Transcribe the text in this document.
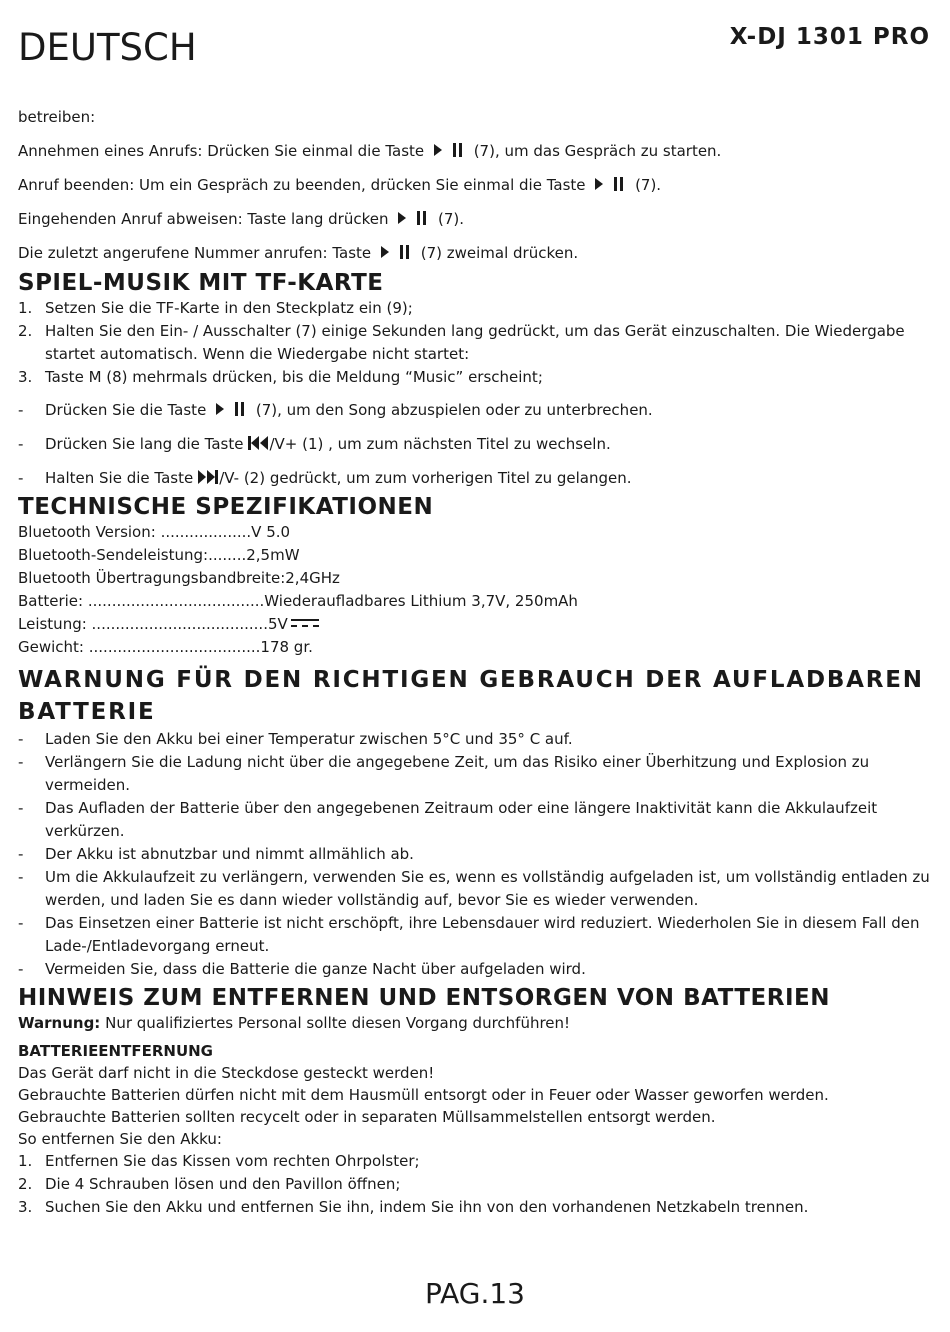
DEUTSCH	X-DJ 1301 PRO

betreiben:

Annehmen eines Anrufs: Drücken Sie einmal die Taste	(7), um das Gespräch zu starten.

Anruf beenden: Um ein Gespräch zu beenden, drücken Sie einmal die Taste	(7).

Eingehenden Anruf abweisen: Taste lang drücken	(7).

Die zuletzt angerufene Nummer anrufen: Taste	(7) zweimal drücken.

SPIEL-MUSIK MIT TF-KARTE
1. Setzen Sie die TF-Karte in den Steckplatz ein (9);
2. Halten Sie den Ein- / Ausschalter (7) einige Sekunden lang gedrückt, um das Gerät einzuschalten. Die Wiedergabe startet automatisch. Wenn die Wiedergabe nicht startet:
3. Taste M (8) mehrmals drücken, bis die Meldung “Music” erscheint;
- Drücken Sie die Taste	(7), um den Song abzuspielen oder zu unterbrechen.
- Drücken Sie lang die Taste /V+ (1) , um zum nächsten Titel zu wechseln.
- Halten Sie die Taste /V- (2) gedrückt, um zum vorherigen Titel zu gelangen.
TECHNISCHE SPEZIFIKATIONEN
Bluetooth Version: ...................V 5.0
Bluetooth-Sendeleistung:........2,5mW
Bluetooth Übertragungsbandbreite:2,4GHz
Batterie: .....................................Wiederaufladbares Lithium 3,7V, 250mAh
Leistung: .....................................5V
Gewicht: ....................................178 gr.
WARNUNG FÜR DEN RICHTIGEN GEBRAUCH DER AUFLADBAREN BATTERIE
- Laden Sie den Akku bei einer Temperatur zwischen 5°C und 35° C auf.
- Verlängern Sie die Ladung nicht über die angegebene Zeit, um das Risiko einer Überhitzung und Explosion zu vermeiden.
- Das Aufladen der Batterie über den angegebenen Zeitraum oder eine längere Inaktivität kann die Akkulaufzeit verkürzen.
- Der Akku ist abnutzbar und nimmt allmählich ab.
- Um die Akkulaufzeit zu verlängern, verwenden Sie es, wenn es vollständig aufgeladen ist, um vollständig entladen zu werden, und laden Sie es dann wieder vollständig auf, bevor Sie es wieder verwenden.
- Das Einsetzen einer Batterie ist nicht erschöpft, ihre Lebensdauer wird reduziert. Wiederholen Sie in diesem Fall den Lade-/Entladevorgang erneut.
- Vermeiden Sie, dass die Batterie die ganze Nacht über aufgeladen wird.
HINWEIS ZUM ENTFERNEN UND ENTSORGEN VON BATTERIEN

Warnung: Nur qualifiziertes Personal sollte diesen Vorgang durchführen!

BATTERIEENTFERNUNG

Das Gerät darf nicht in die Steckdose gesteckt werden!

Gebrauchte Batterien dürfen nicht mit dem Hausmüll entsorgt oder in Feuer oder Wasser geworfen werden.

Gebrauchte Batterien sollten recycelt oder in separaten Müllsammelstellen entsorgt werden.

So entfernen Sie den Akku:

1. Entfernen Sie das Kissen vom rechten Ohrpolster;
2. Die 4 Schrauben lösen und den Pavillon öffnen;
3. Suchen Sie den Akku und entfernen Sie ihn, indem Sie ihn von den vorhandenen Netzkabeln trennen.
PAG.13
